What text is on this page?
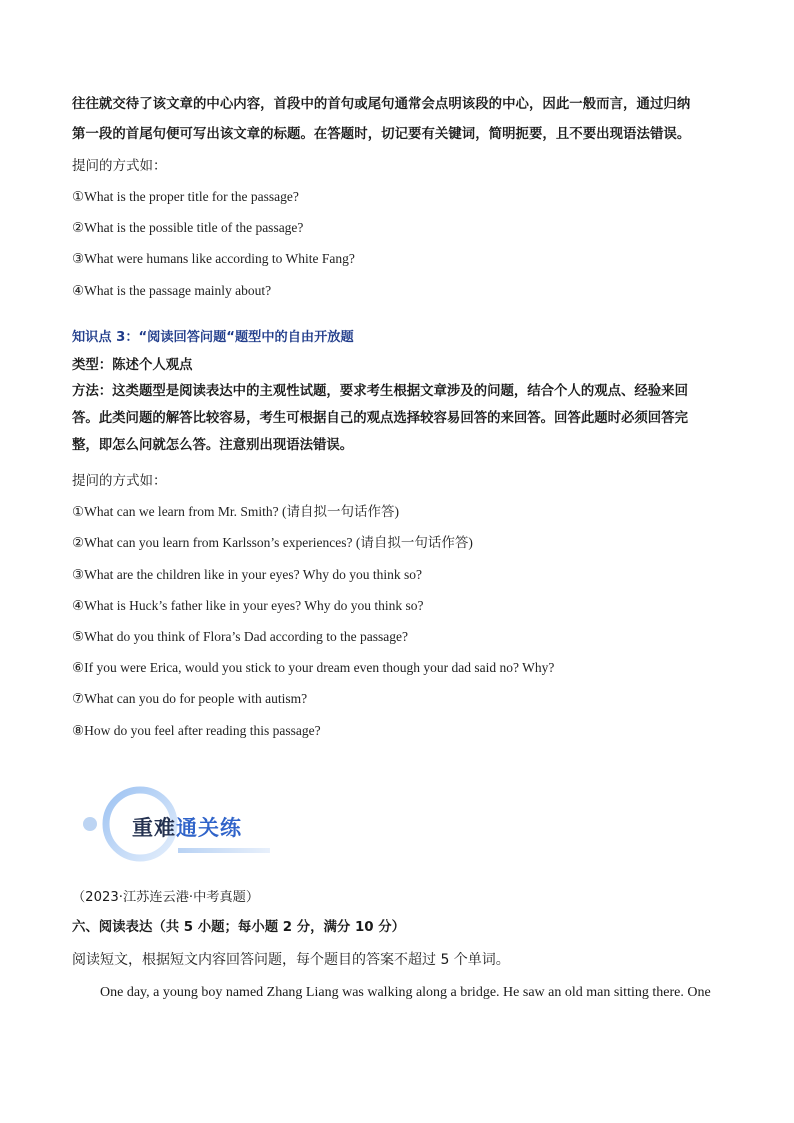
往往就交待了该文章的中心内容，首段中的首句或尾句通常会点明该段的中心，因此一般而言，通过归纳
第一段的首尾句便可写出该文章的标题。在答题时，切记要有关键词，简明扼要，且不要出现语法错误。
提问的方式如：
①What is the proper title for the passage?
②What is the possible title of the passage?
③What were humans like according to White Fang?
④What is the passage mainly about?
知识点 3：“阅读回答问题“题型中的自由开放题
类型：陈述个人观点
方法：这类题型是阅读表达中的主观性试题，要求考生根据文章涉及的问题，结合个人的观点、经验来回
答。此类问题的解答比较容易，考生可根据自己的观点选择较容易回答的来回答。回答此题时必须回答完
整，即怎么问就怎么答。注意别出现语法错误。
提问的方式如：
①What can we learn from Mr. Smith? (请自拟一句话作答)
②What can you learn from Karlsson’s experiences? (请自拟一句话作答)
③What are the children like in your eyes? Why do you think so?
④What is Huck’s father like in your eyes? Why do you think so?
⑤What do you think of Flora’s Dad according to the passage?
⑥If you were Erica, would you stick to your dream even though your dad said no? Why?
⑦What can you do for people with autism?
⑧How do you feel after reading this passage?
重难通关练
（2023·江苏连云港·中考真题）
六、阅读表达（共 5 小题；每小题 2 分，满分 10 分）
阅读短文，根据短文内容回答问题，每个题目的答案不超过 5 个单词。
One day, a young boy named Zhang Liang was walking along a bridge. He saw an old man sitting there. One
